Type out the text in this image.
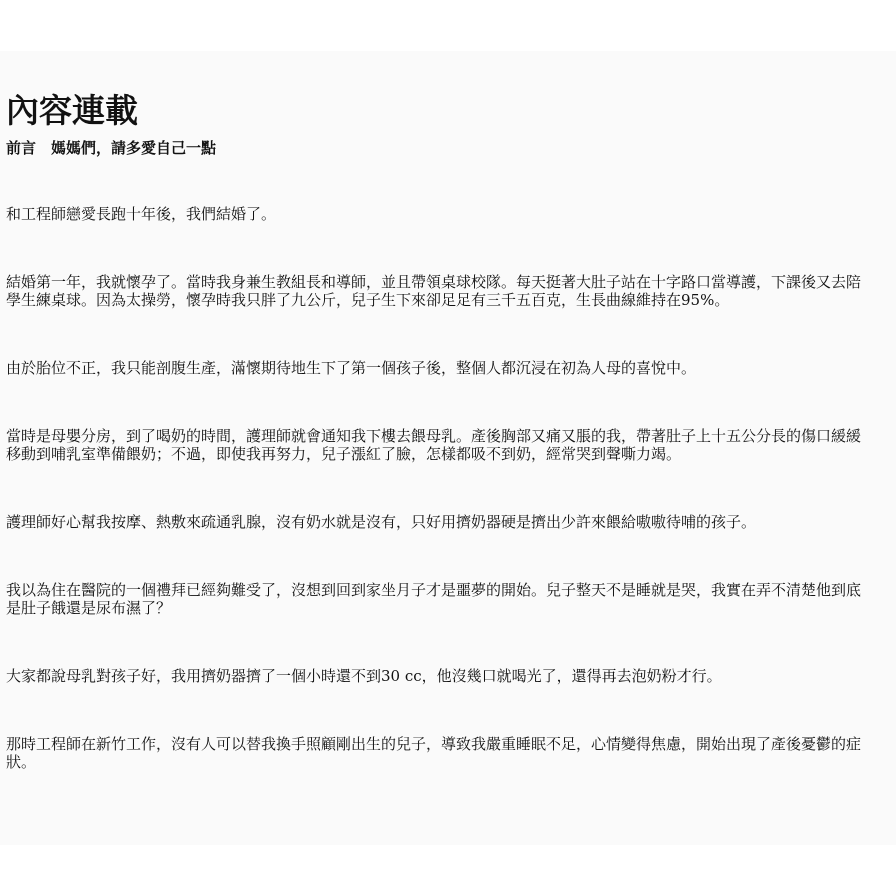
內容連載
前言　媽媽們，請多愛自己一點

和工程師戀愛長跑十年後，我們結婚了。

結婚第一年，我就懷孕了。當時我身兼生教組長和導師，並且帶領桌球校隊。每天挺著大肚子站在十字路口當導護，下課後又去陪學生練桌球。因為太操勞，懷孕時我只胖了九公斤，兒子生下來卻足足有三千五百克，生長曲線維持在95%。

由於胎位不正，我只能剖腹生產，滿懷期待地生下了第一個孩子後，整個人都沉浸在初為人母的喜悅中。

當時是母嬰分房，到了喝奶的時間，護理師就會通知我下樓去餵母乳。產後胸部又痛又脹的我，帶著肚子上十五公分長的傷口緩緩移動到哺乳室準備餵奶；不過，即使我再努力，兒子漲紅了臉，怎樣都吸不到奶，經常哭到聲嘶力竭。

護理師好心幫我按摩、熱敷來疏通乳腺，沒有奶水就是沒有，只好用擠奶器硬是擠出少許來餵給嗷嗷待哺的孩子。

我以為住在醫院的一個禮拜已經夠難受了，沒想到回到家坐月子才是噩夢的開始。兒子整天不是睡就是哭，我實在弄不清楚他到底是肚子餓還是尿布濕了？

大家都說母乳對孩子好，我用擠奶器擠了一個小時還不到30 cc，他沒幾口就喝光了，還得再去泡奶粉才行。

那時工程師在新竹工作，沒有人可以替我換手照顧剛出生的兒子，導致我嚴重睡眠不足，心情變得焦慮，開始出現了產後憂鬱的症狀。
